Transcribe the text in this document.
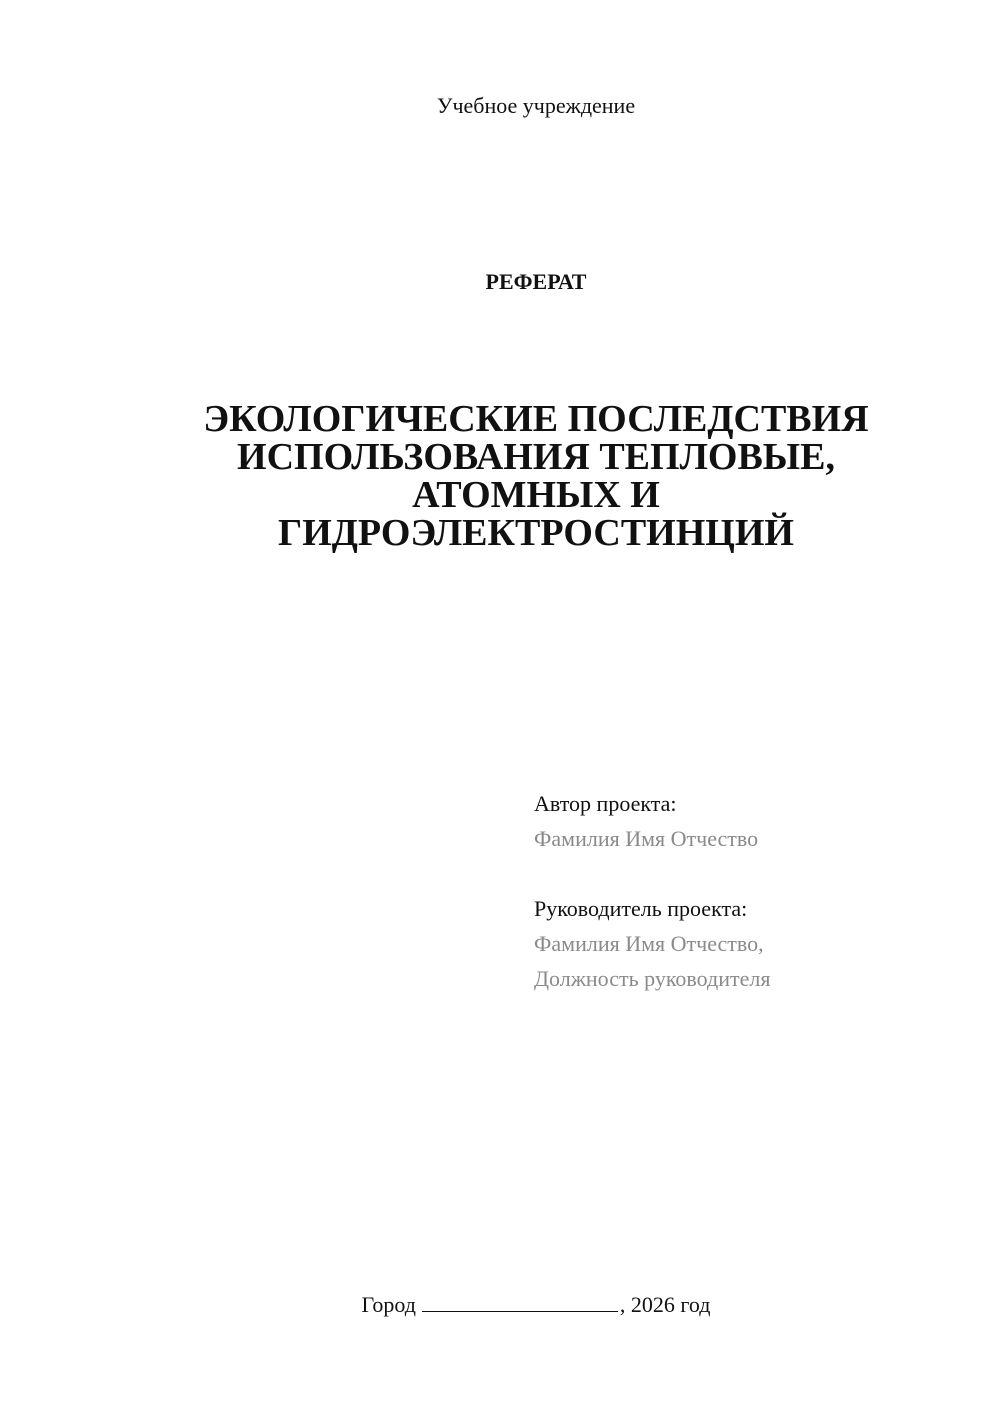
Учебное учреждение
РЕФЕРАТ
ЭКОЛОГИЧЕСКИЕ ПОСЛЕДСТВИЯ
ИСПОЛЬЗОВАНИЯ ТЕПЛОВЫЕ,
АТОМНЫХ И
ГИДРОЭЛЕКТРОСТИНЦИЙ
Автор проекта:
Фамилия Имя Отчество
Руководитель проекта:
Фамилия Имя Отчество,
Должность руководителя
Город	, 2026 год
